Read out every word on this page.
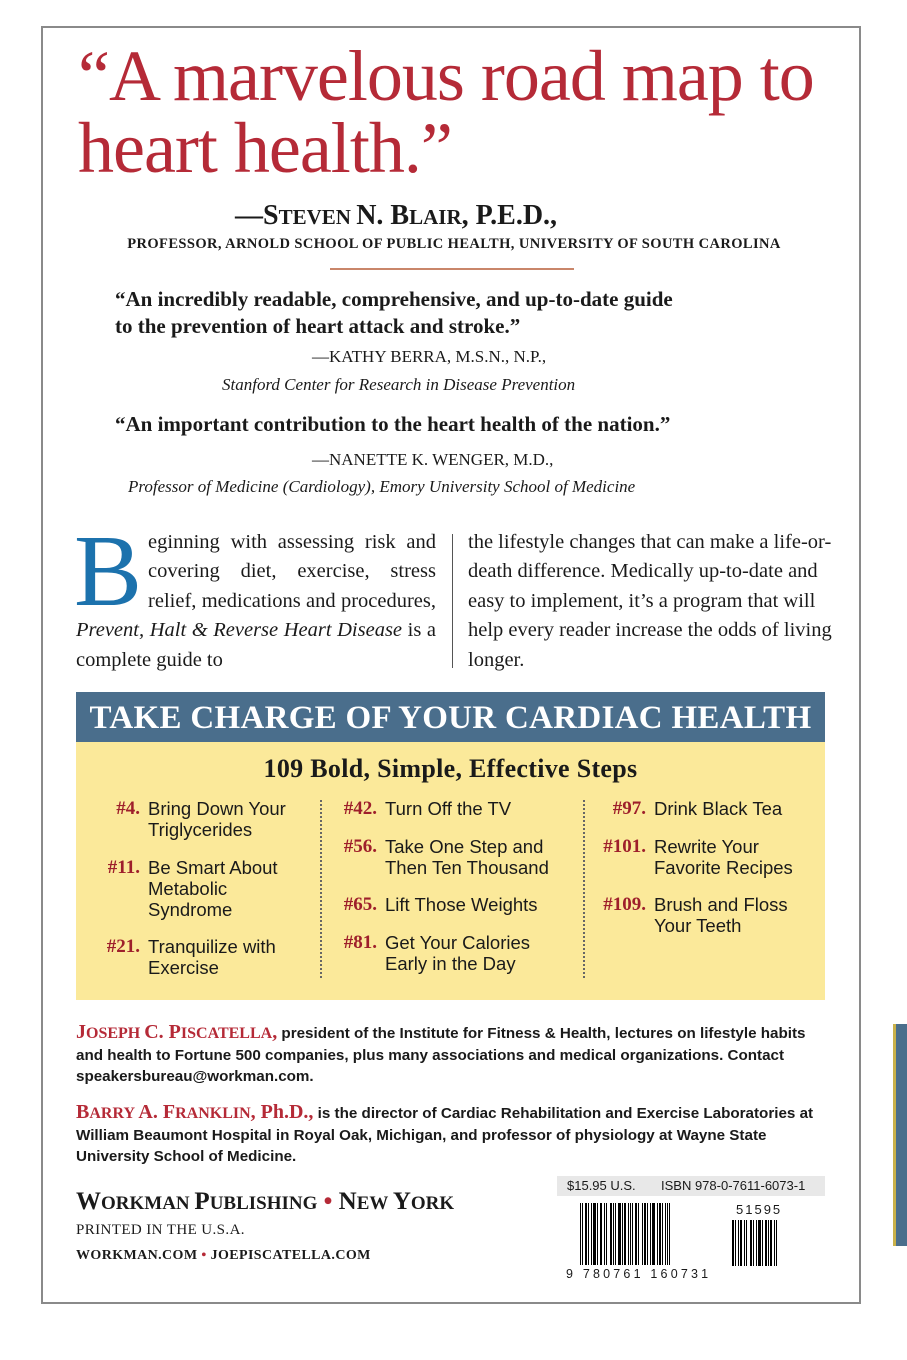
“A marvelous road map to heart health.”
—STEVEN N. BLAIR, P.E.D.,
PROFESSOR, ARNOLD SCHOOL OF PUBLIC HEALTH, UNIVERSITY OF SOUTH CAROLINA
“An incredibly readable, comprehensive, and up-to-date guide
to the prevention of heart attack and stroke.”
—KATHY BERRA, M.S.N., N.P.,
Stanford Center for Research in Disease Prevention
“An important contribution to the heart health of the nation.”
—NANETTE K. WENGER, M.D.,
Professor of Medicine (Cardiology), Emory University School of Medicine
Beginning with assessing risk and covering diet, exercise, stress relief, medications and procedures, Prevent, Halt & Reverse Heart Disease is a complete guide to
the lifestyle changes that can make a life-or-death difference. Medically up-to-date and easy to implement, it’s a program that will help every reader increase the odds of living longer.
TAKE CHARGE OF YOUR CARDIAC HEALTH
109 Bold, Simple, Effective Steps
#4. Bring Down Your Triglycerides
#11. Be Smart About Metabolic Syndrome
#21. Tranquilize with Exercise
#42. Turn Off the TV
#56. Take One Step and Then Ten Thousand
#65. Lift Those Weights
#81. Get Your Calories Early in the Day
#97. Drink Black Tea
#101. Rewrite Your Favorite Recipes
#109. Brush and Floss Your Teeth
JOSEPH C. PISCATELLA, president of the Institute for Fitness & Health, lectures on lifestyle habits and health to Fortune 500 companies, plus many associations and medical organizations. Contact speakersbureau@workman.com.
BARRY A. FRANKLIN, Ph.D., is the director of Cardiac Rehabilitation and Exercise Laboratories at William Beaumont Hospital in Royal Oak, Michigan, and professor of physiology at Wayne State University School of Medicine.
WORKMAN PUBLISHING • NEW YORK
PRINTED IN THE U.S.A.
WORKMAN.COM • JOEPISCATELLA.COM
$15.95 U.S. ISBN 978-0-7611-6073-1
51595
9 780761 160731
